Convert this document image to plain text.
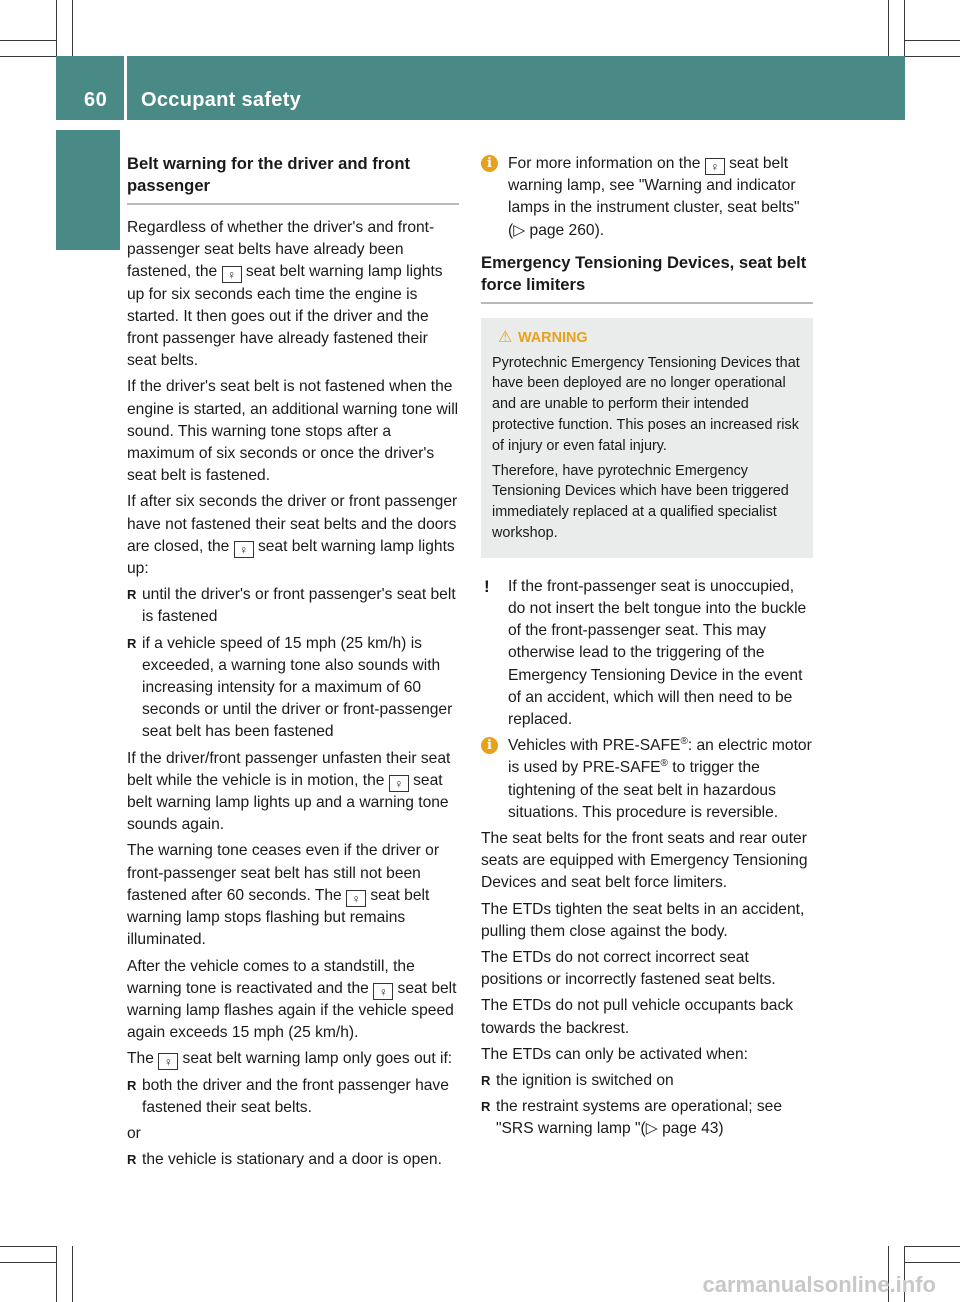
60 Occupant safety
Safety	Belt warning for the driver and front passenger

Regardless of whether the driver's and front-passenger seat belts have already been fastened, the ♀ seat belt warning lamp lights up for six seconds each time the engine is started. It then goes out if the driver and the front passenger have already fastened their seat belts.

If the driver's seat belt is not fastened when the engine is started, an additional warning tone will sound. This warning tone stops after a maximum of six seconds or once the driver's seat belt is fastened.

If after six seconds the driver or front passenger have not fastened their seat belts and the doors are closed, the ♀ seat belt warning lamp lights up:

R until the driver's or front passenger's seat belt is fastened
R if a vehicle speed of 15 mph (25 km/h) is exceeded, a warning tone also sounds with increasing intensity for a maximum of 60 seconds or until the driver or front-passenger seat belt has been fastened

If the driver/front passenger unfasten their seat belt while the vehicle is in motion, the ♀ seat belt warning lamp lights up and a warning tone sounds again.

The warning tone ceases even if the driver or front-passenger seat belt has still not been fastened after 60 seconds. The ♀ seat belt warning lamp stops flashing but remains illuminated.

After the vehicle comes to a standstill, the warning tone is reactivated and the ♀ seat belt warning lamp flashes again if the vehicle speed again exceeds 15 mph (25 km/h).

The ♀ seat belt warning lamp only goes out if:

R both the driver and the front passenger have fastened their seat belts.

or

R the vehicle is stationary and a door is open.
i	For more information on the ♀ seat belt warning lamp, see "Warning and indicator lamps in the instrument cluster, seat belts" (▷ page 260).
Emergency Tensioning Devices, seat belt force limiters
⚠ WARNING

Pyrotechnic Emergency Tensioning Devices that have been deployed are no longer operational and are unable to perform their intended protective function. This poses an increased risk of injury or even fatal injury.

Therefore, have pyrotechnic Emergency Tensioning Devices which have been triggered immediately replaced at a qualified specialist workshop.

! If the front-passenger seat is unoccupied, do not insert the belt tongue into the buckle of the front-passenger seat. This may otherwise lead to the triggering of the Emergency Tensioning Device in the event of an accident, which will then need to be replaced.
i	Vehicles with PRE-SAFE®: an electric motor is used by PRE-SAFE® to trigger the tightening of the seat belt in hazardous situations. This procedure is reversible.

The seat belts for the front seats and rear outer seats are equipped with Emergency Tensioning Devices and seat belt force limiters.

The ETDs tighten the seat belts in an accident, pulling them close against the body.

The ETDs do not correct incorrect seat positions or incorrectly fastened seat belts.

The ETDs do not pull vehicle occupants back towards the backrest.

The ETDs can only be activated when:

R the ignition is switched on
R the restraint systems are operational; see "SRS warning lamp "(▷ page 43)
carmanualsonline.info
